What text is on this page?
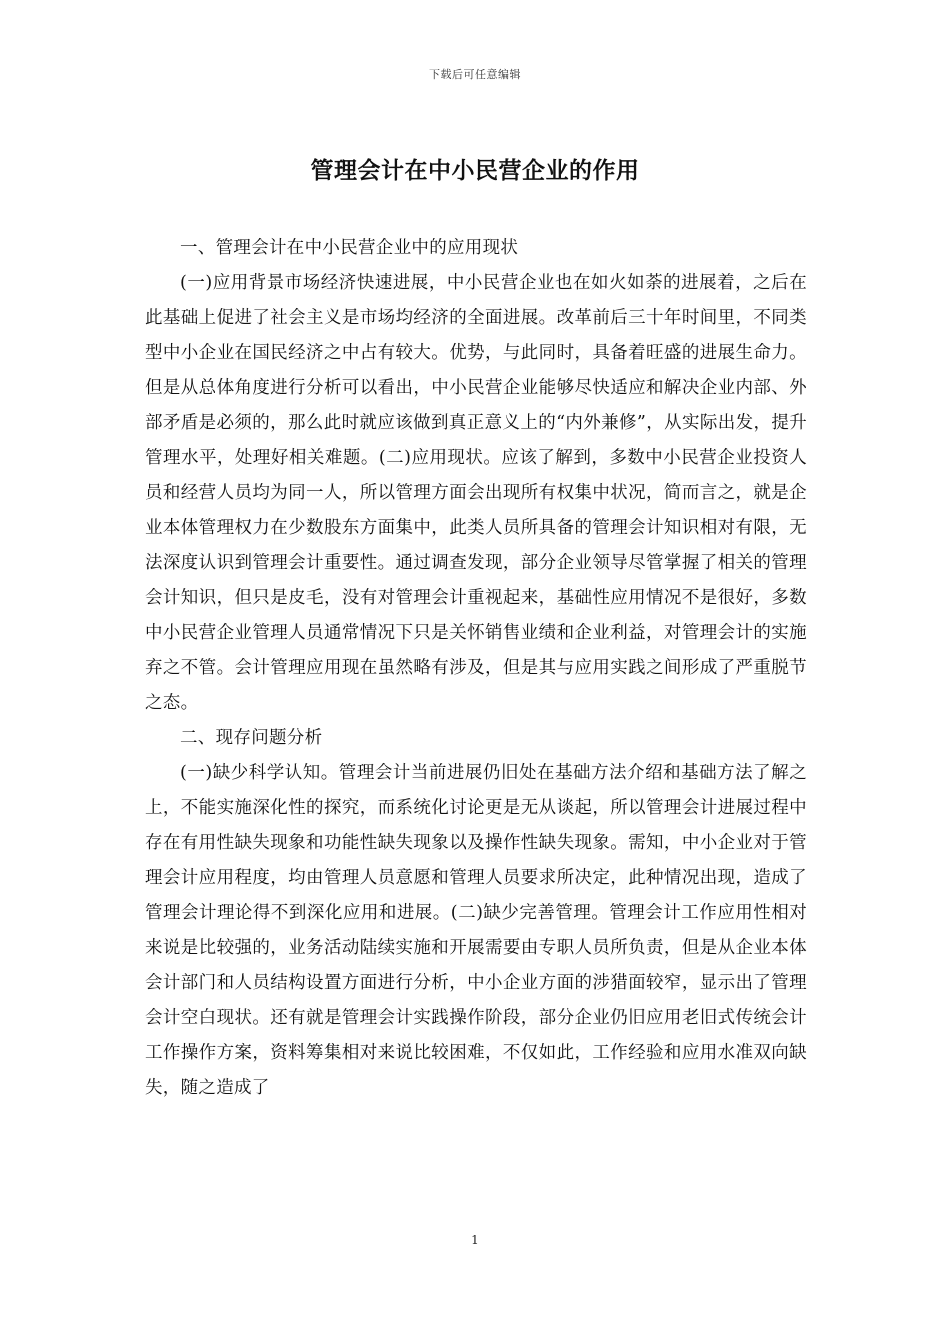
下载后可任意编辑
管理会计在中小民营企业的作用

一、管理会计在中小民营企业中的应用现状

(一)应用背景市场经济快速进展，中小民营企业也在如火如荼的进展着，之后在此基础上促进了社会主义是市场均经济的全面进展。改革前后三十年时间里，不同类型中小企业在国民经济之中占有较大。优势，与此同时，具备着旺盛的进展生命力。但是从总体角度进行分析可以看出，中小民营企业能够尽快适应和解决企业内部、外部矛盾是必须的，那么此时就应该做到真正意义上的“内外兼修”，从实际出发，提升管理水平，处理好相关难题。(二)应用现状。应该了解到，多数中小民营企业投资人员和经营人员均为同一人，所以管理方面会出现所有权集中状况，简而言之，就是企业本体管理权力在少数股东方面集中，此类人员所具备的管理会计知识相对有限，无法深度认识到管理会计重要性。通过调查发现，部分企业领导尽管掌握了相关的管理会计知识，但只是皮毛，没有对管理会计重视起来，基础性应用情况不是很好，多数中小民营企业管理人员通常情况下只是关怀销售业绩和企业利益，对管理会计的实施弃之不管。会计管理应用现在虽然略有涉及，但是其与应用实践之间形成了严重脱节之态。

二、现存问题分析

(一)缺少科学认知。管理会计当前进展仍旧处在基础方法介绍和基础方法了解之上，不能实施深化性的探究，而系统化讨论更是无从谈起，所以管理会计进展过程中存在有用性缺失现象和功能性缺失现象以及操作性缺失现象。需知，中小企业对于管理会计应用程度，均由管理人员意愿和管理人员要求所决定，此种情况出现，造成了管理会计理论得不到深化应用和进展。(二)缺少完善管理。管理会计工作应用性相对来说是比较强的，业务活动陆续实施和开展需要由专职人员所负责，但是从企业本体会计部门和人员结构设置方面进行分析，中小企业方面的涉猎面较窄，显示出了管理会计空白现状。还有就是管理会计实践操作阶段，部分企业仍旧应用老旧式传统会计工作操作方案，资料筹集相对来说比较困难，不仅如此，工作经验和应用水准双向缺失，随之造成了

1
